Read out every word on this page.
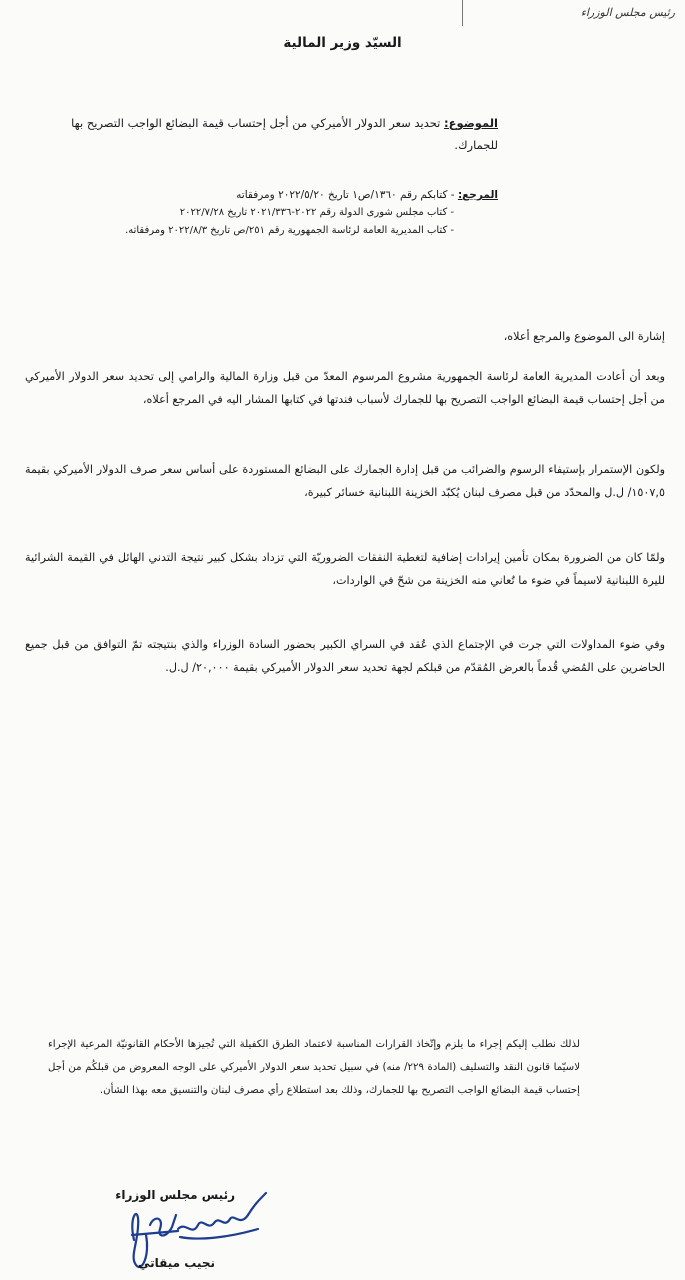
رئيس مجلس الوزراء
السيّد وزير المالية
الموضوع: تحديد سعر الدولار الأميركي من أجل إحتساب قيمة البضائع الواجب التصريح بها للجمارك.
المرجع: - كتابكم رقم ١٣٦٠/ص١ تاريخ ٢٠٢٢/٥/٢٠ ومرفقاته
- كتاب مجلس شورى الدولة رقم ٢٠٢٢-٢٠٢١/٣٣٦ تاريخ ٢٠٢٢/٧/٢٨
- كتاب المديرية العامة لرئاسة الجمهورية رقم ٢٥١/ص تاريخ ٢٠٢٢/٨/٣ ومرفقاته.
إشارة الى الموضوع والمرجع أعلاه،
وبعد أن أعادت المديرية العامة لرئاسة الجمهورية مشروع المرسوم المعدّ من قبل وزارة المالية والرامي إلى تحديد سعر الدولار الأميركي من أجل إحتساب قيمة البضائع الواجب التصريح بها للجمارك لأسباب فندتها في كتابها المشار اليه في المرجع أعلاه،
ولكون الإستمرار بإستيفاء الرسوم والضرائب من قبل إدارة الجمارك على البضائع المستوردة على أساس سعر صرف الدولار الأميركي بقيمة ١٥٠٧,٥/ ل.ل والمحدّد من قبل مصرف لبنان يُكبّد الخزينة اللبنانية خسائر كبيرة،
ولمّا كان من الضرورة بمكان تأمين إيرادات إضافية لتغطية النفقات الضروريّة التي تزداد بشكل كبير نتيجة التدني الهائل في القيمة الشرائية لليرة اللبنانية لاسيماً في ضوء ما تُعاني منه الخزينة من شحّ في الواردات،
وفي ضوء المداولات التي جرت في الإجتماع الذي عُقد في السراي الكبير بحضور السادة الوزراء والذي بنتيجته تمّ التوافق من قبل جميع الحاضرين على المُضي قُدماً بالعرض المُقدّم من قبلكم لجهة تحديد سعر الدولار الأميركي بقيمة ٢٠,٠٠٠/ ل.ل.
لذلك نطلب إليكم إجراء ما يلزم وإتّخاذ القرارات المناسبة لاعتماد الطرق الكفيلة التي تُجيزها الأحكام القانونيّة المرعية الإجراء لاسيّما قانون النقد والتسليف (المادة ٢٢٩/ منه) في سبيل تحديد سعر الدولار الأميركي على الوجه المعروض من قبلكُم من أجل إحتساب قيمة البضائع الواجب التصريح بها للجمارك، وذلك بعد استطلاع رأي مصرف لبنان والتنسيق معه بهذا الشأن.
رئيس مجلس الوزراء
نجيب ميقاتي
